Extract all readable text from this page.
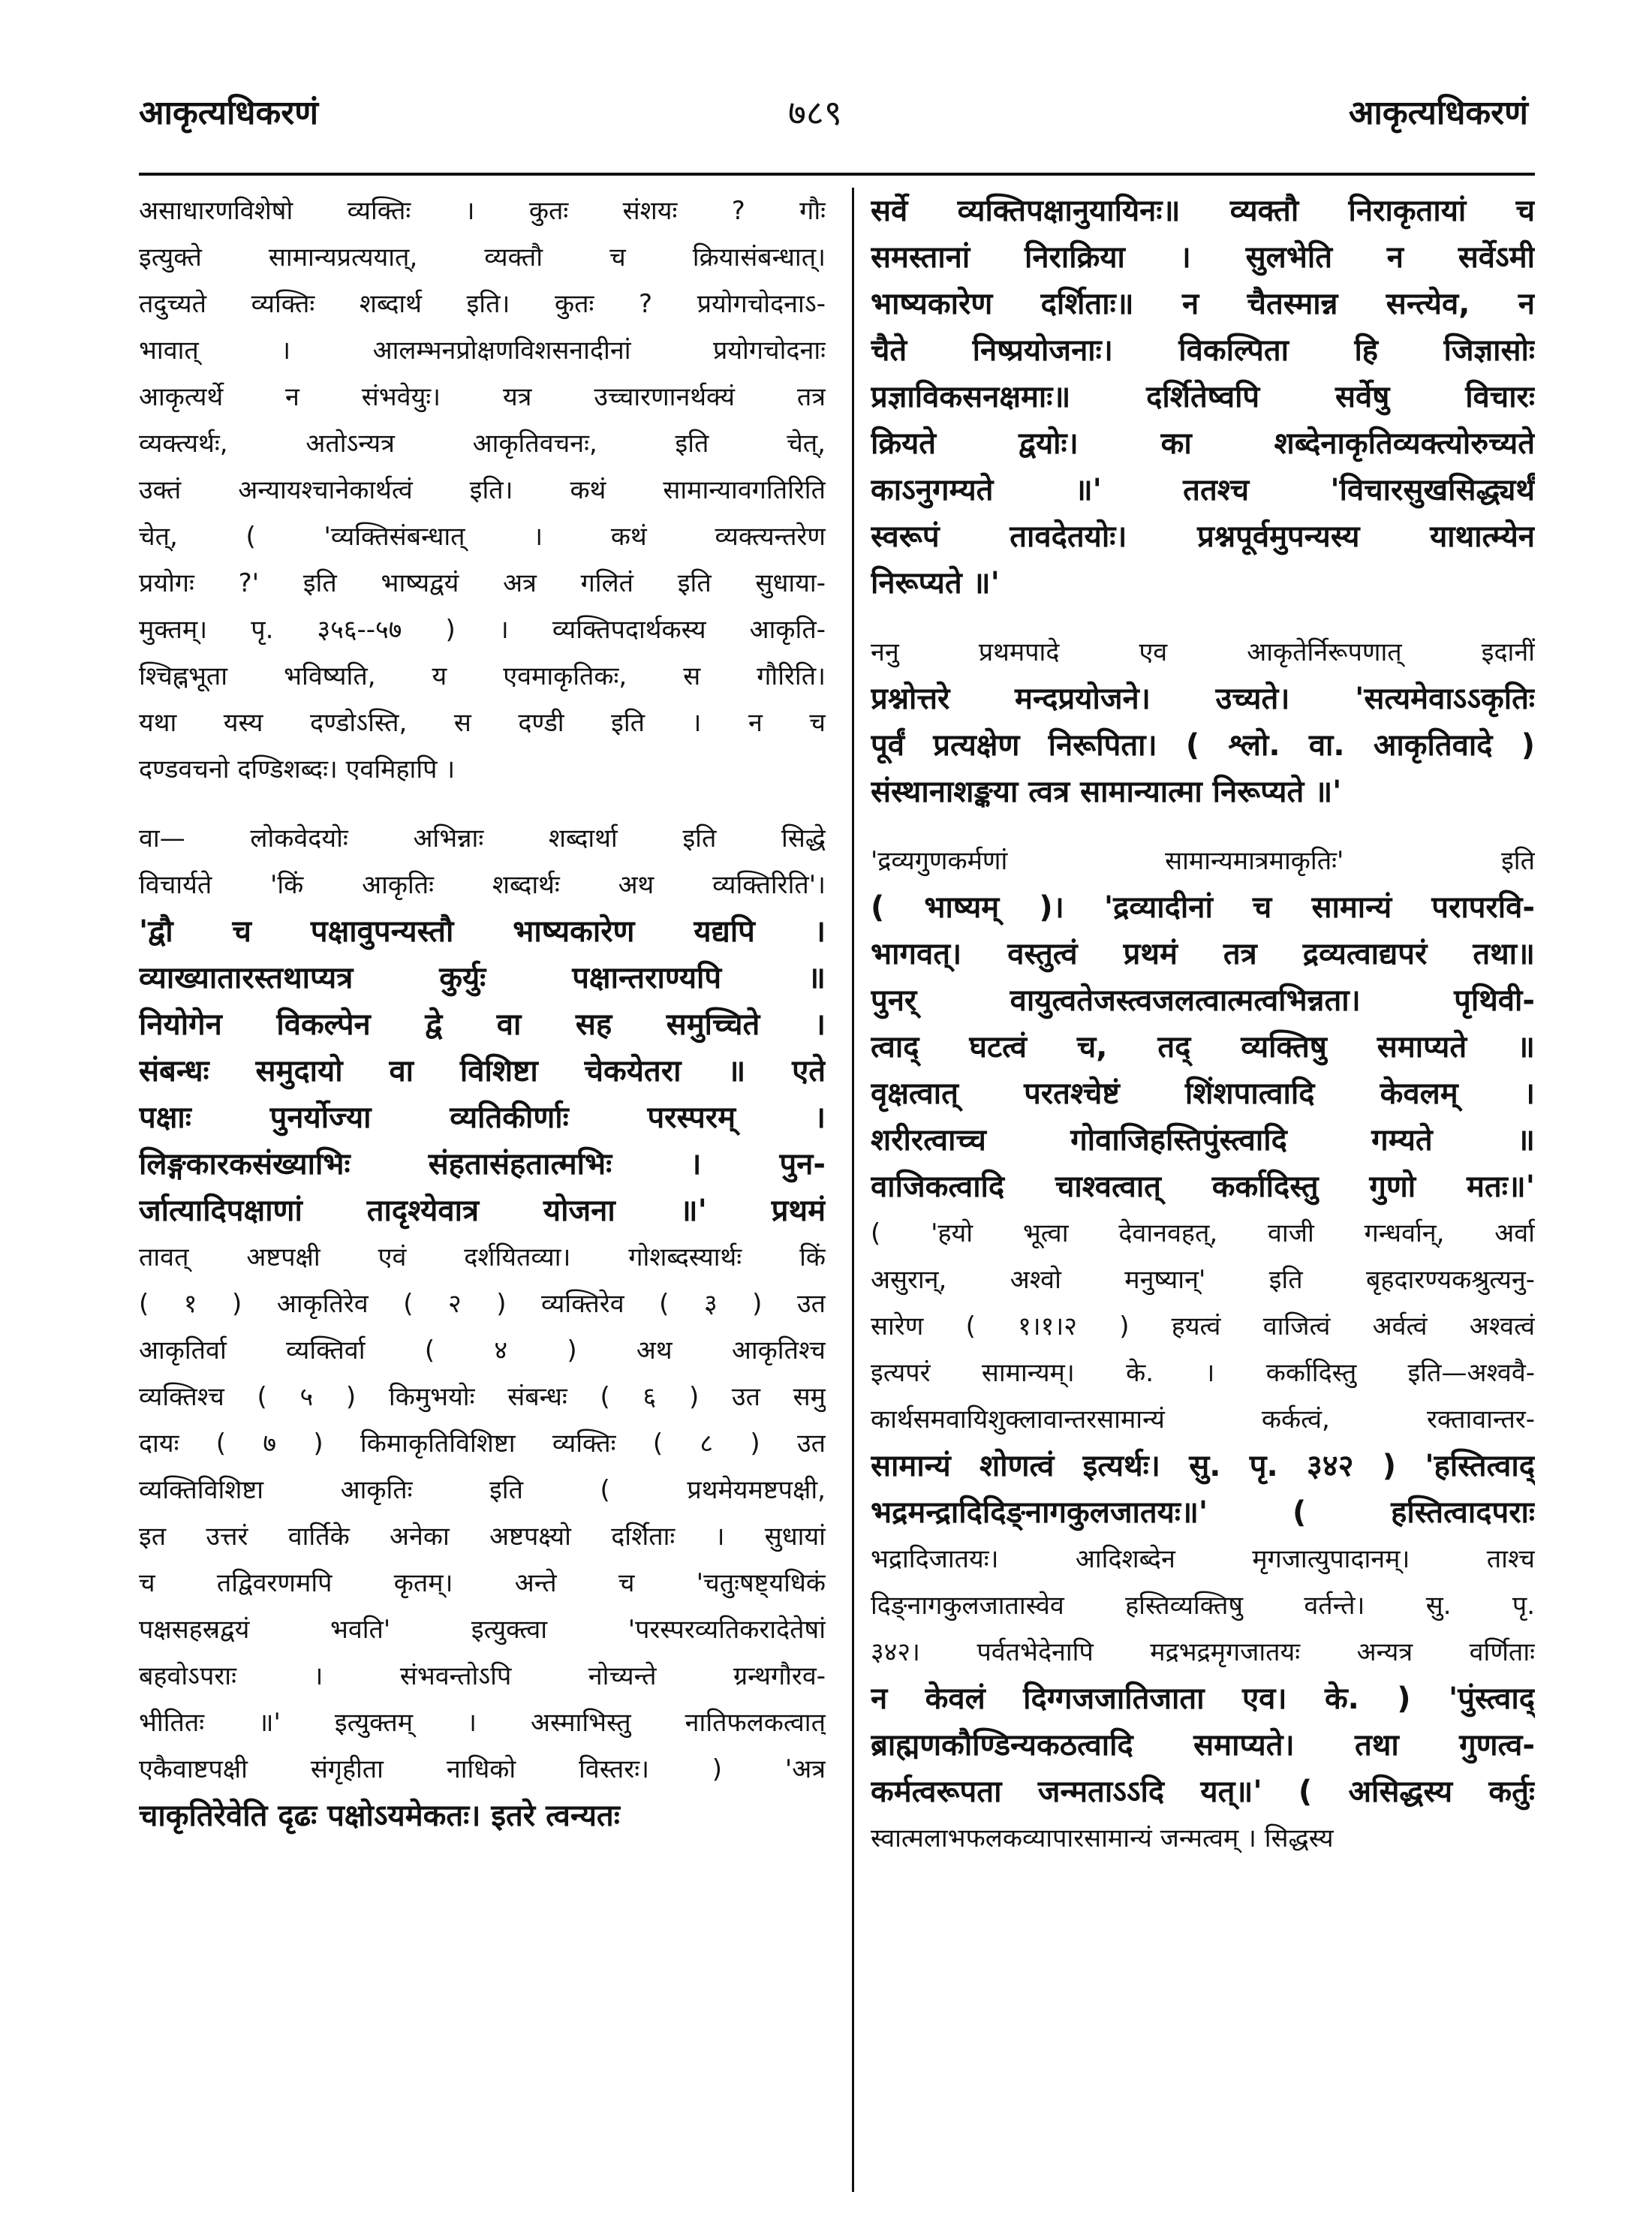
आकृत्यधिकरणं	७८९	आकृत्यधिकरणं
असाधारणविशेषो व्यक्तिः । कुतः संशयः ? गौः
इत्युक्ते सामान्यप्रत्ययात्, व्यक्तौ च क्रियासंबन्धात्।
तदुच्यते व्यक्तिः शब्दार्थ इति। कुतः ? प्रयोगचोदनाऽ-
भावात् । आलम्भनप्रोक्षणविशसनादीनां प्रयोगचोदनाः
आकृत्यर्थे न संभवेयुः। यत्र उच्चारणानर्थक्यं तत्र
व्यक्त्यर्थः, अतोऽन्यत्र आकृतिवचनः, इति चेत्,
उक्तं अन्यायश्चानेकार्थत्वं इति। कथं सामान्यावगतिरिति
चेत्, ( 'व्यक्तिसंबन्धात् । कथं व्यक्त्यन्तरेण
प्रयोगः ?' इति भाष्यद्वयं अत्र गलितं इति सुधाया-
मुक्तम्। पृ. ३५६--५७ ) । व्यक्तिपदार्थकस्य आकृति-
श्चिह्नभूता भविष्यति, य एवमाकृतिकः, स गौरिति।
यथा यस्य दण्डोऽस्ति, स दण्डी इति । न च
दण्डवचनो दण्डिशब्दः। एवमिहापि ।
वा— लोकवेदयोः अभिन्नाः शब्दार्था इति सिद्धे
विचार्यते 'किं आकृतिः शब्दार्थः अथ व्यक्तिरिति'।
'द्वौ च पक्षावुपन्यस्तौ भाष्यकारेण यद्यपि ।
व्याख्यातारस्तथाप्यत्र कुर्युः पक्षान्तराण्यपि ॥
नियोगेन विकल्पेन द्वे वा सह समुच्चिते ।
संबन्धः समुदायो वा विशिष्टा चेकयेतरा ॥ एते
पक्षाः पुनर्योज्या व्यतिकीर्णाः परस्परम् ।
लिङ्गकारकसंख्याभिः संहतासंहतात्मभिः । पुन-
र्जात्यादिपक्षाणां तादृश्येवात्र योजना ॥' प्रथमं
तावत् अष्टपक्षी एवं दर्शयितव्या। गोशब्दस्यार्थः किं
( १ ) आकृतिरेव ( २ ) व्यक्तिरेव ( ३ ) उत
आकृतिर्वा व्यक्तिर्वा ( ४ ) अथ आकृतिश्च
व्यक्तिश्च ( ५ ) किमुभयोः संबन्धः ( ६ ) उत समु
दायः ( ७ ) किमाकृतिविशिष्टा व्यक्तिः ( ८ ) उत
व्यक्तिविशिष्टा आकृतिः इति ( प्रथमेयमष्टपक्षी,
इत उत्तरं वार्तिके अनेका अष्टपक्ष्यो दर्शिताः । सुधायां
च तद्विवरणमपि कृतम्। अन्ते च 'चतुःषष्ट्यधिकं
पक्षसहस्रद्वयं भवति' इत्युक्त्वा 'परस्परव्यतिकरादेतेषां
बहवोऽपराः । संभवन्तोऽपि नोच्यन्ते ग्रन्थगौरव-
भीतितः ॥' इत्युक्तम् । अस्माभिस्तु नातिफलकत्वात्
एकैवाष्टपक्षी संगृहीता नाधिको विस्तरः। ) 'अत्र
चाकृतिरेवेति दृढः पक्षोऽयमेकतः। इतरे त्वन्यतः
सर्वे व्यक्तिपक्षानुयायिनः॥ व्यक्तौ निराकृतायां च
समस्तानां निराक्रिया । सुलभेति न सर्वेऽमी
भाष्यकारेण दर्शिताः॥ न चैतस्मान्न सन्त्येव, न
चैते निष्प्रयोजनाः। विकल्पिता हि जिज्ञासोः
प्रज्ञाविकसनक्षमाः॥ दर्शितेष्वपि सर्वेषु विचारः
क्रियते द्वयोः। का शब्देनाकृतिव्यक्त्योरुच्यते
काऽनुगम्यते ॥' ततश्च 'विचारसुखसिद्ध्यर्थं
स्वरूपं तावदेतयोः। प्रश्नपूर्वमुपन्यस्य याथात्म्येन
निरूप्यते ॥'
ननु प्रथमपादे एव आकृतेर्निरूपणात् इदानीं
प्रश्नोत्तरे मन्दप्रयोजने। उच्यते। 'सत्यमेवाऽऽकृतिः
पूर्वं प्रत्यक्षेण निरूपिता। ( श्लो. वा. आकृतिवादे )
संस्थानाशङ्कया त्वत्र सामान्यात्मा निरूप्यते ॥'
'द्रव्यगुणकर्मणां सामान्यमात्रमाकृतिः' इति
( भाष्यम् )। 'द्रव्यादीनां च सामान्यं परापरवि-
भागवत्। वस्तुत्वं प्रथमं तत्र द्रव्यत्वाद्यपरं तथा॥
पुनर् वायुत्वतेजस्त्वजलत्वात्मत्वभिन्नता। पृथिवी-
त्वाद् घटत्वं च, तद् व्यक्तिषु समाप्यते ॥
वृक्षत्वात् परतश्चेष्टं शिंशपात्वादि केवलम् ।
शरीरत्वाच्च गोवाजिहस्तिपुंस्त्वादि गम्यते ॥
वाजिकत्वादि चाश्वत्वात् कर्कादिस्तु गुणो मतः॥'
( 'हयो भूत्वा देवानवहत्, वाजी गन्धर्वान्, अर्वा
असुरान्, अश्वो मनुष्यान्' इति बृहदारण्यकश्रुत्यनु-
सारेण ( १।१।२ ) हयत्वं वाजित्वं अर्वत्वं अश्वत्वं
इत्यपरं सामान्यम्। के. । कर्कादिस्तु इति—अश्ववै-
कार्थसमवायिशुक्लावान्तरसामान्यं कर्कत्वं, रक्तावान्तर-
सामान्यं शोणत्वं इत्यर्थः। सु. पृ. ३४२ ) 'हस्तित्वाद्
भद्रमन्द्रादिदिङ्नागकुलजातयः॥' ( हस्तित्वादपराः
भद्रादिजातयः। आदिशब्देन मृगजात्युपादानम्। ताश्च
दिङ्नागकुलजातास्वेव हस्तिव्यक्तिषु वर्तन्ते। सु. पृ.
३४२। पर्वतभेदेनापि मद्रभद्रमृगजातयः अन्यत्र वर्णिताः
न केवलं दिग्गजजातिजाता एव। के. ) 'पुंस्त्वाद्
ब्राह्मणकौण्डिन्यकठत्वादि समाप्यते। तथा गुणत्व-
कर्मत्वरूपता जन्मताऽऽदि यत्॥' ( असिद्धस्य कर्तुः
स्वात्मलाभफलकव्यापारसामान्यं जन्मत्वम् । सिद्धस्य
